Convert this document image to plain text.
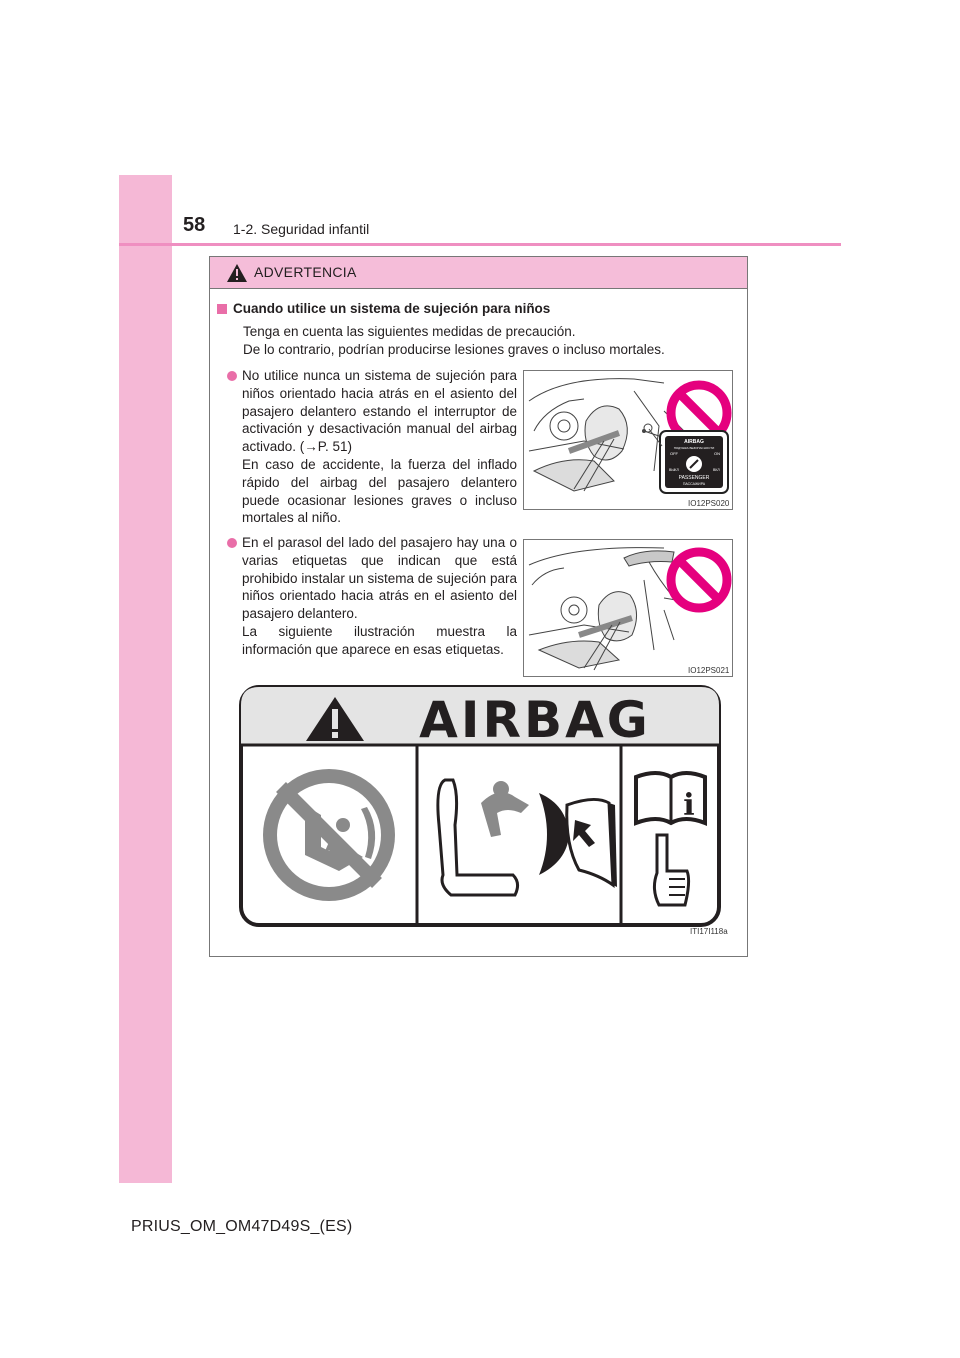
58 1-2. Seguridad infantil
ADVERTENCIA
Cuando utilice un sistema de sujeción para niños
Tenga en cuenta las siguientes medidas de precaución.
De lo contrario, podrían producirse lesiones graves o incluso mortales.

No utilice nunca un sistema de sujeción para niños orientado hacia atrás en el asiento del pasajero delantero estando el interruptor de activación y desactivación manual del airbag activado. (→P. 51)

En caso de accidente, la fuerza del inflado rápido del airbag del pasajero delantero puede ocasionar lesiones graves o incluso mortales al niño.

AIRBAG
ПОДУШКА БЕЗОПАСНОСТИ
OFF	ON
ВЫКЛ	ВКЛ
PASSENGER
ПАССАЖИРА
IO12PS020

En el parasol del lado del pasajero hay una o varias etiquetas que indican que está prohibido instalar un sistema de sujeción para niños orientado hacia atrás en el asiento del pasajero delantero.

La siguiente ilustración muestra la información que aparece en esas etiquetas.

IO12PS021
AIRBAG
i
ITI17I118a
PRIUS_OM_OM47D49S_(ES)
